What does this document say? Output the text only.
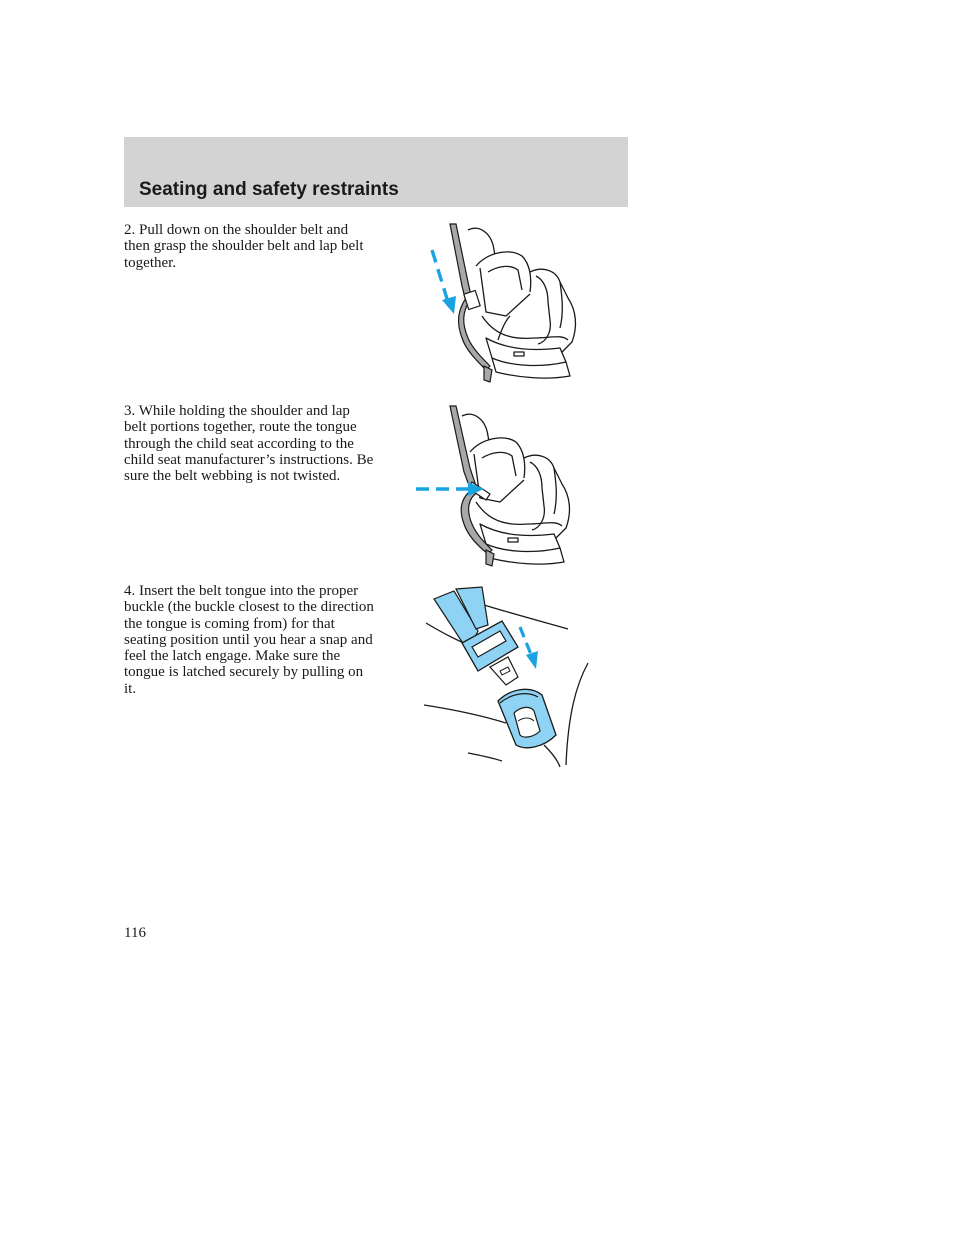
Seating and safety restraints

2. Pull down on the shoulder belt and then grasp the shoulder belt and lap belt together.

3. While holding the shoulder and lap belt portions together, route the tongue through the child seat according to the child seat manufacturer’s instructions. Be sure the belt webbing is not twisted.

4. Insert the belt tongue into the proper buckle (the buckle closest to the direction the tongue is coming from) for that seating position until you hear a snap and feel the latch engage. Make sure the tongue is latched securely by pulling on it.

116
